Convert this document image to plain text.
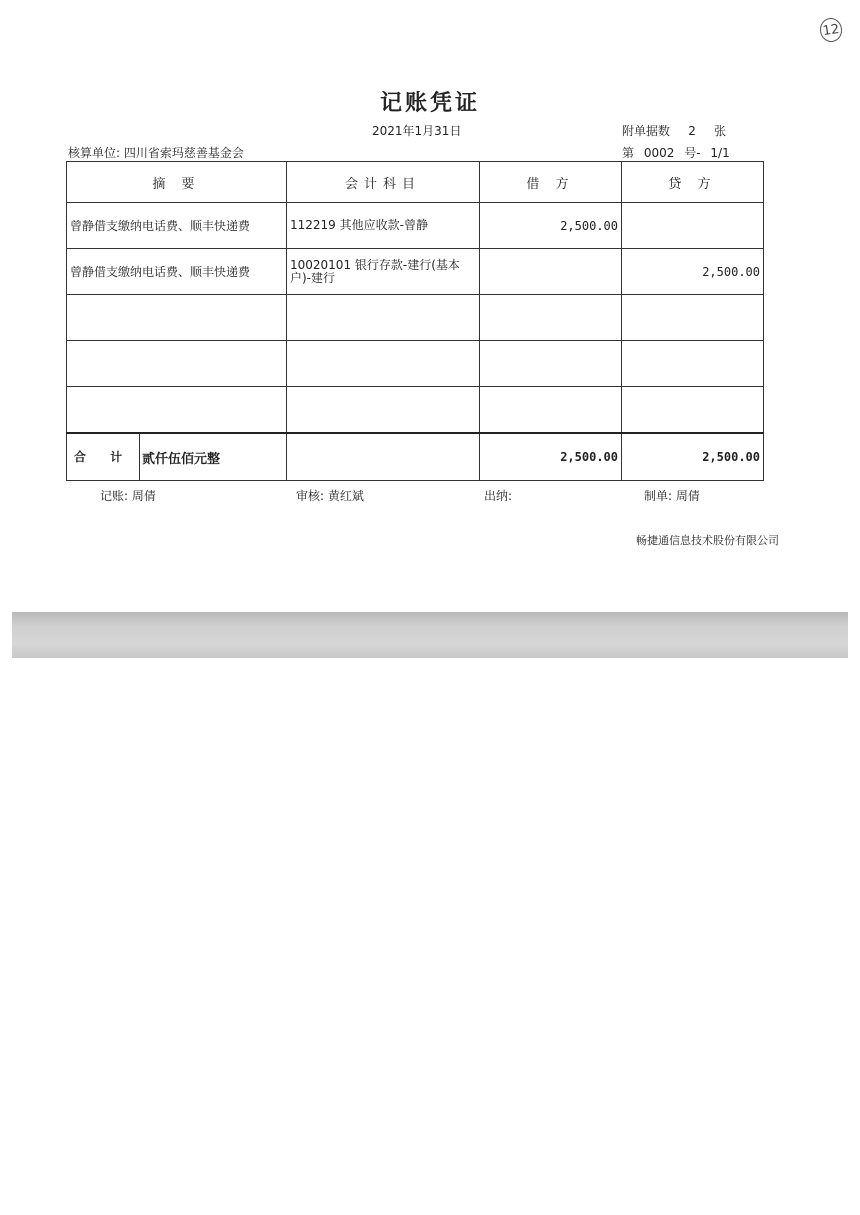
12
记账凭证
2021年1月31日	附单据数 2 张
核算单位: 四川省索玛慈善基金会	第 0002 号- 1/1
摘 要	会计科目	借 方	贷 方
曾静借支缴纳电话费、顺丰快递费	112219 其他应收款-曾静	2,500.00	
曾静借支缴纳电话费、顺丰快递费	10020101 银行存款-建行(基本户)-建行		2,500.00

合 计 贰仟伍佰元整		2,500.00	2,500.00
记账: 周倩	审核: 黄红斌	出纳:	制单: 周倩
畅捷通信息技术股份有限公司
